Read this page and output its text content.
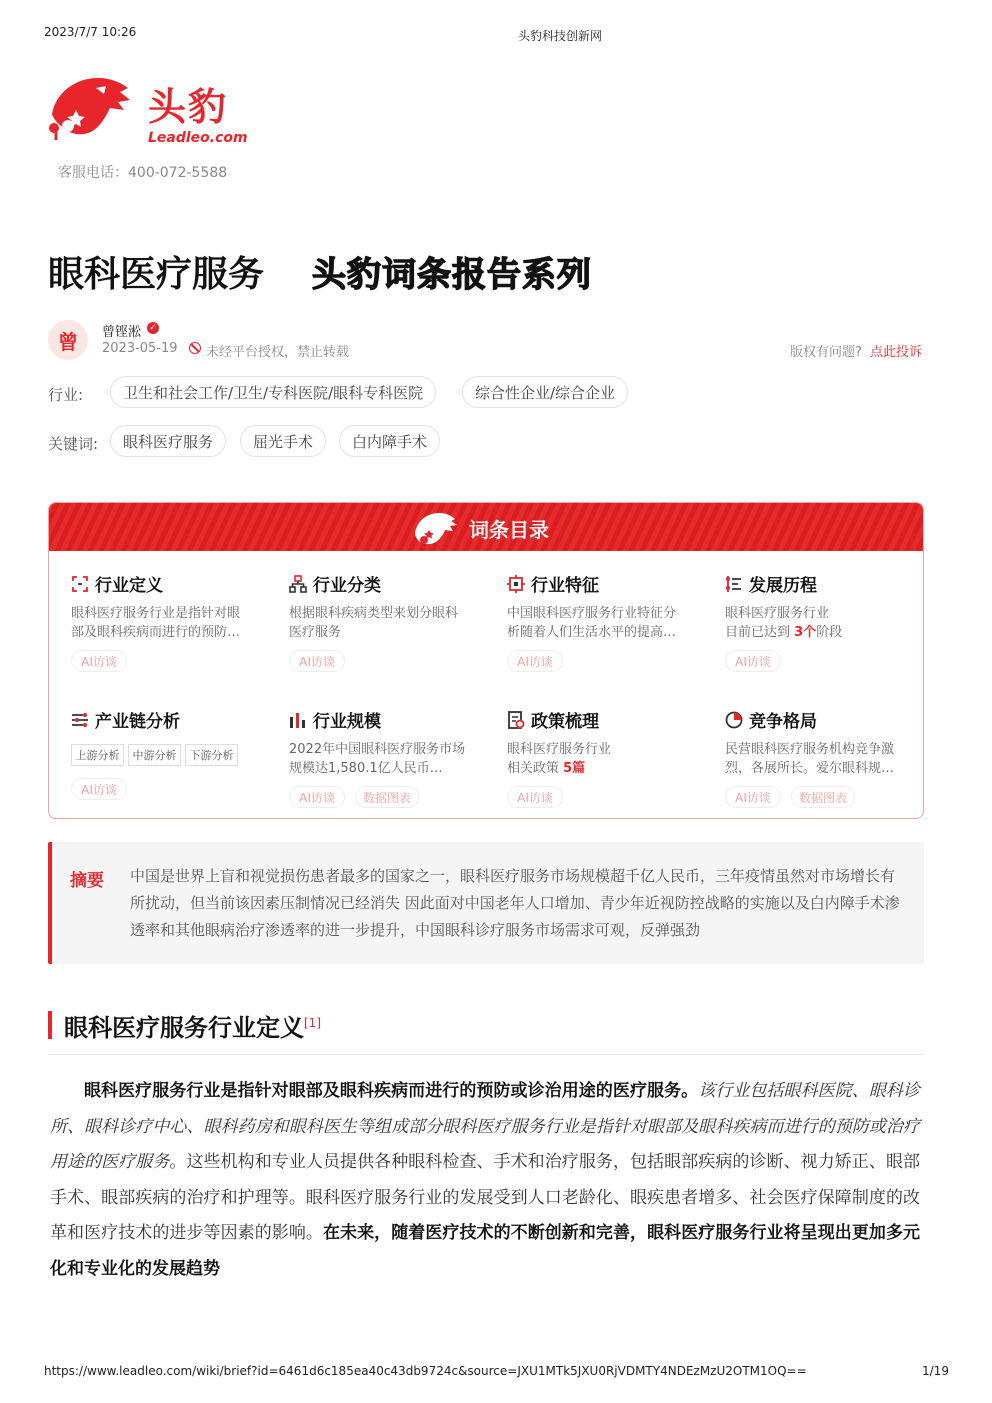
2023/7/7 10:26	头豹科技创新网
头豹
Leadleo.com
客服电话：400-072-5588
眼科医疗服务 头豹词条报告系列
曾	曾铿淞 ✓
2023-05-19 未经平台授权，禁止转载	版权有问题? 点此投诉
行业:	卫生和社会工作/卫生/专科医院/眼科专科医院	综合性企业/综合企业
关键词:	眼科医疗服务	屈光手术	白内障手术
词条目录
行业定义
眼科医疗服务行业是指针对眼部及眼科疾病而进行的预防…
AI访谈
行业分类
根据眼科疾病类型来划分眼科医疗服务
AI访谈
行业特征
中国眼科医疗服务行业特征分析随着人们生活水平的提高…
AI访谈
发展历程
眼科医疗服务行业
目前已达到 3个阶段
AI访谈
产业链分析
上游分析	中游分析	下游分析
AI访谈
行业规模
2022年中国眼科医疗服务市场规模达1,580.1亿人民币…
AI访谈	数据图表
政策梳理
眼科医疗服务行业
相关政策 5篇
AI访谈
竞争格局
民营眼科医疗服务机构竞争激烈，各展所长。爱尔眼科规…
AI访谈	数据图表
摘要 中国是世界上盲和视觉损伤患者最多的国家之一，眼科医疗服务市场规模超千亿人民币，三年疫情虽然对市场增长有所扰动，但当前该因素压制情况已经消失 因此面对中国老年人口增加、青少年近视防控战略的实施以及白内障手术渗透率和其他眼病治疗渗透率的进一步提升，中国眼科诊疗服务市场需求可观，反弹强劲
眼科医疗服务行业定义[1]
眼科医疗服务行业是指针对眼部及眼科疾病而进行的预防或诊治用途的医疗服务。该行业包括眼科医院、眼科诊所、眼科诊疗中心、眼科药房和眼科医生等组成部分眼科医疗服务行业是指针对眼部及眼科疾病而进行的预防或治疗用途的医疗服务。这些机构和专业人员提供各种眼科检查、手术和治疗服务，包括眼部疾病的诊断、视力矫正、眼部手术、眼部疾病的治疗和护理等。眼科医疗服务行业的发展受到人口老龄化、眼疾患者增多、社会医疗保障制度的改革和医疗技术的进步等因素的影响。在未来，随着医疗技术的不断创新和完善，眼科医疗服务行业将呈现出更加多元化和专业化的发展趋势
https://www.leadleo.com/wiki/brief?id=6461d6c185ea40c43db9724c&source=JXU1MTk5JXU0RjVDMTY4NDEzMzU2OTM1OQ==	1/19
